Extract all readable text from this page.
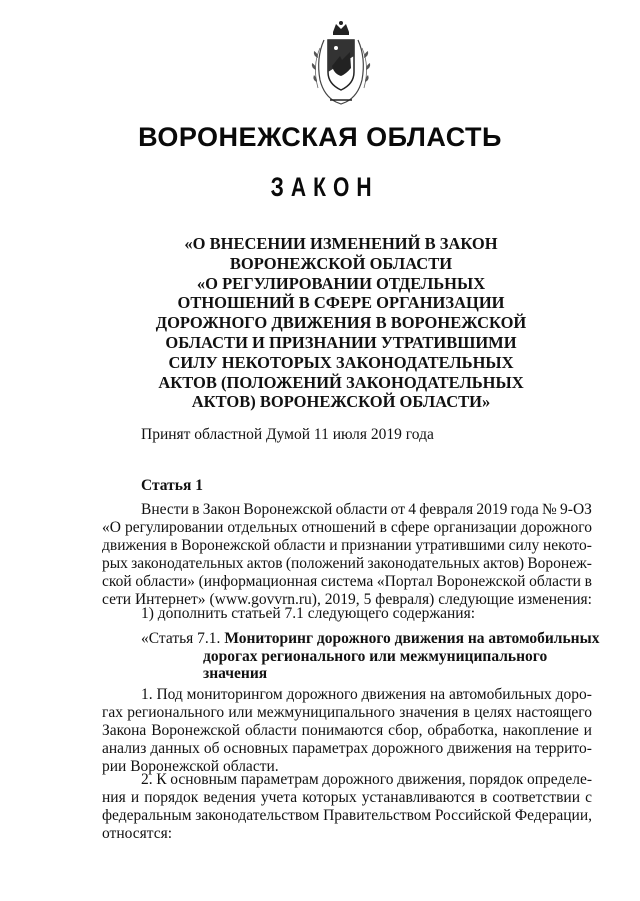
ВОРОНЕЖСКАЯ ОБЛАСТЬ
ЗАКОН
«О ВНЕСЕНИИ ИЗМЕНЕНИЙ В ЗАКОН
ВОРОНЕЖСКОЙ ОБЛАСТИ
«О РЕГУЛИРОВАНИИ ОТДЕЛЬНЫХ
ОТНОШЕНИЙ В СФЕРЕ ОРГАНИЗАЦИИ
ДОРОЖНОГО ДВИЖЕНИЯ В ВОРОНЕЖСКОЙ
ОБЛАСТИ И ПРИЗНАНИИ УТРАТИВШИМИ
СИЛУ НЕКОТОРЫХ ЗАКОНОДАТЕЛЬНЫХ
АКТОВ (ПОЛОЖЕНИЙ ЗАКОНОДАТЕЛЬНЫХ
АКТОВ) ВОРОНЕЖСКОЙ ОБЛАСТИ»
Принят областной Думой 11 июля 2019 года
Статья 1
Внести в Закон Воронежской области от 4 февраля 2019 года № 9-ОЗ
«О регулировании отдельных отношений в сфере организации дорожного
движения в Воронежской области и признании утратившими силу некото-
рых законодательных актов (положений законодательных актов) Воронеж-
ской области» (информационная система «Портал Воронежской области в
сети Интернет» (www.govvrn.ru), 2019, 5 февраля) следующие изменения:
1) дополнить статьей 7.1 следующего содержания:
«Статья 7.1. Мониторинг дорожного движения на автомобильных
дорогах регионального или межмуниципального
значения
1. Под мониторингом дорожного движения на автомобильных доро-
гах регионального или межмуниципального значения в целях настоящего
Закона Воронежской области понимаются сбор, обработка, накопление и
анализ данных об основных параметрах дорожного движения на террито-
рии Воронежской области.
2. К основным параметрам дорожного движения, порядок определе-
ния и порядок ведения учета которых устанавливаются в соответствии с
федеральным законодательством Правительством Российской Федерации,
относятся:
